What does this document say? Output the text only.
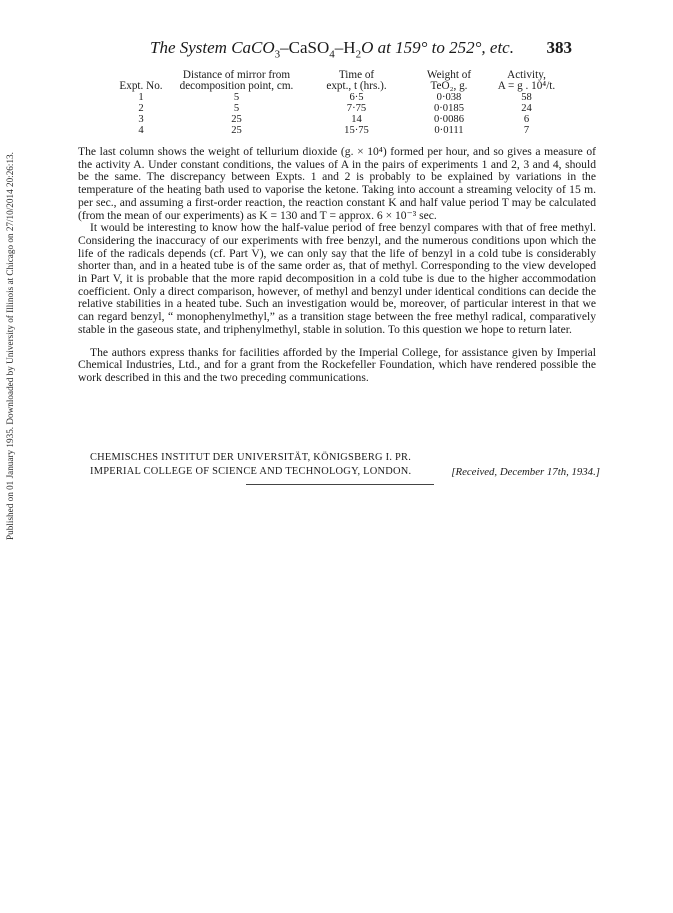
Published on 01 January 1935. Downloaded by University of Illinois at Chicago on 27/10/2014 20:26:13.
The System $CaCO_3-CaSO_4-H_2O$ at 159° to 252°, etc. 383
	Distance of mirror from	Time of	Weight of	Activity,
Expt. No.	decomposition point, cm.	expt., t (hrs.).	TeO₂, g.	A = g . 10⁴/t.
1	5	6·5	0·038	58
2	5	7·75	0·0185	24
3	25	14	0·0086	6
4	25	15·75	0·0111	7

The last column shows the weight of tellurium dioxide (g. × 10⁴) formed per hour, and so gives a measure of the activity A. Under constant conditions, the values of A in the pairs of experiments 1 and 2, 3 and 4, should be the same. The discrepancy between Expts. 1 and 2 is probably to be explained by variations in the temperature of the heating bath used to vaporise the ketone. Taking into account a streaming velocity of 15 m. per sec., and assuming a first-order reaction, the reaction constant K and half value period T may be calculated (from the mean of our experiments) as K = 130 and T = approx. 6 × 10⁻³ sec.

It would be interesting to know how the half-value period of free benzyl compares with that of free methyl. Considering the inaccuracy of our experiments with free benzyl, and the numerous conditions upon which the life of the radicals depends (cf. Part V), we can only say that the life of benzyl in a cold tube is considerably shorter than, and in a heated tube is of the same order as, that of methyl. Corresponding to the view developed in Part V, it is probable that the more rapid decomposition in a cold tube is due to the higher accommodation coefficient. Only a direct comparison, however, of methyl and benzyl under identical conditions can decide the relative stabilities in a heated tube. Such an investigation would be, moreover, of particular interest in that we can regard benzyl, “ monophenylmethyl,” as a transition stage between the free methyl radical, comparatively stable in the gaseous state, and triphenylmethyl, stable in solution. To this question we hope to return later.

The authors express thanks for facilities afforded by the Imperial College, for assistance given by Imperial Chemical Industries, Ltd., and for a grant from the Rockefeller Foundation, which have rendered possible the work described in this and the two preceding communications.

CHEMISCHES INSTITUT DER UNIVERSITÄT, KÖNIGSBERG I. PR.
IMPERIAL COLLEGE OF SCIENCE AND TECHNOLOGY, LONDON.	[Received, December 17th, 1934.]
